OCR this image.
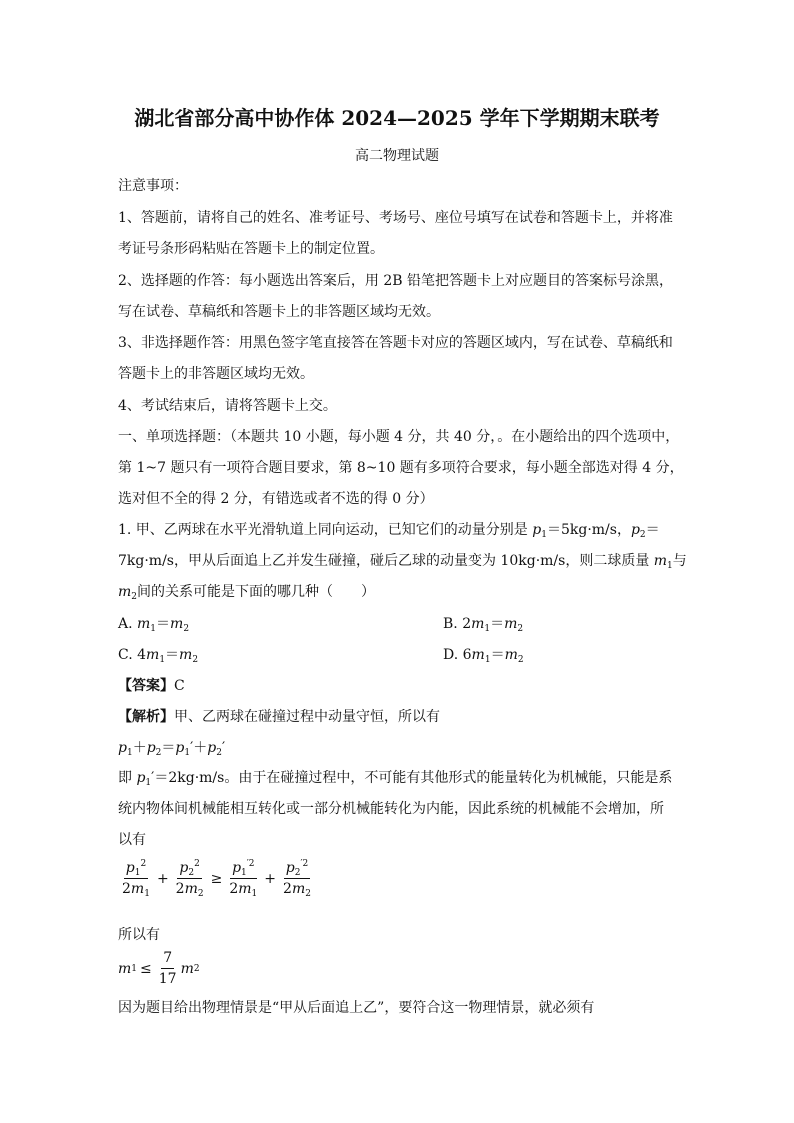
湖北省部分高中协作体 2024—2025 学年下学期期末联考
高二物理试题
注意事项：
1、答题前，请将自己的姓名、准考证号、考场号、座位号填写在试卷和答题卡上，并将准
考证号条形码粘贴在答题卡上的制定位置。
2、选择题的作答：每小题选出答案后，用 2B 铅笔把答题卡上对应题目的答案标号涂黑，
写在试卷、草稿纸和答题卡上的非答题区域均无效。
3、非选择题作答：用黑色签字笔直接答在答题卡对应的答题区域内，写在试卷、草稿纸和
答题卡上的非答题区域均无效。
4、考试结束后，请将答题卡上交。
一、单项选择题：（本题共 10 小题，每小题 4 分，共 40 分，。在小题给出的四个选项中，
第 1~7 题只有一项符合题目要求，第 8~10 题有多项符合要求，每小题全部选对得 4 分，
选对但不全的得 2 分，有错选或者不选的得 0 分）
1. 甲、乙两球在水平光滑轨道上同向运动，已知它们的动量分别是 $p_1=5kg\cdot m/s$，$p_2=$
7kg·m/s，甲从后面追上乙并发生碰撞，碰后乙球的动量变为 10kg·m/s，则二球质量 $m_1$与
$m_2$间的关系可能是下面的哪几种（　　）
A. $m_1=m_2$	B. $2m_1=m_2$
C. $4m_1=m_2$	D. $6m_1=m_2$
【答案】C
【解析】甲、乙两球在碰撞过程中动量守恒，所以有
$p_1+p_2=p_1'+p_2'$
即 $p_1'=2kg\cdot m/s$。由于在碰撞过程中，不可能有其他形式的能量转化为机械能，只能是系
统内物体间机械能相互转化或一部分机械能转化为内能，因此系统的机械能不会增加，所
以有
$\frac{p_1^2}{2m_1} + \frac{p_2^2}{2m_2} \ge \frac{p_1^{'2}}{2m_1} + \frac{p_2^{'2}}{2m_2}$
所以有
m $1 \le \frac{7}{17}$ m 2
因为题目给出物理情景是“甲从后面追上乙”，要符合这一物理情景，就必须有
